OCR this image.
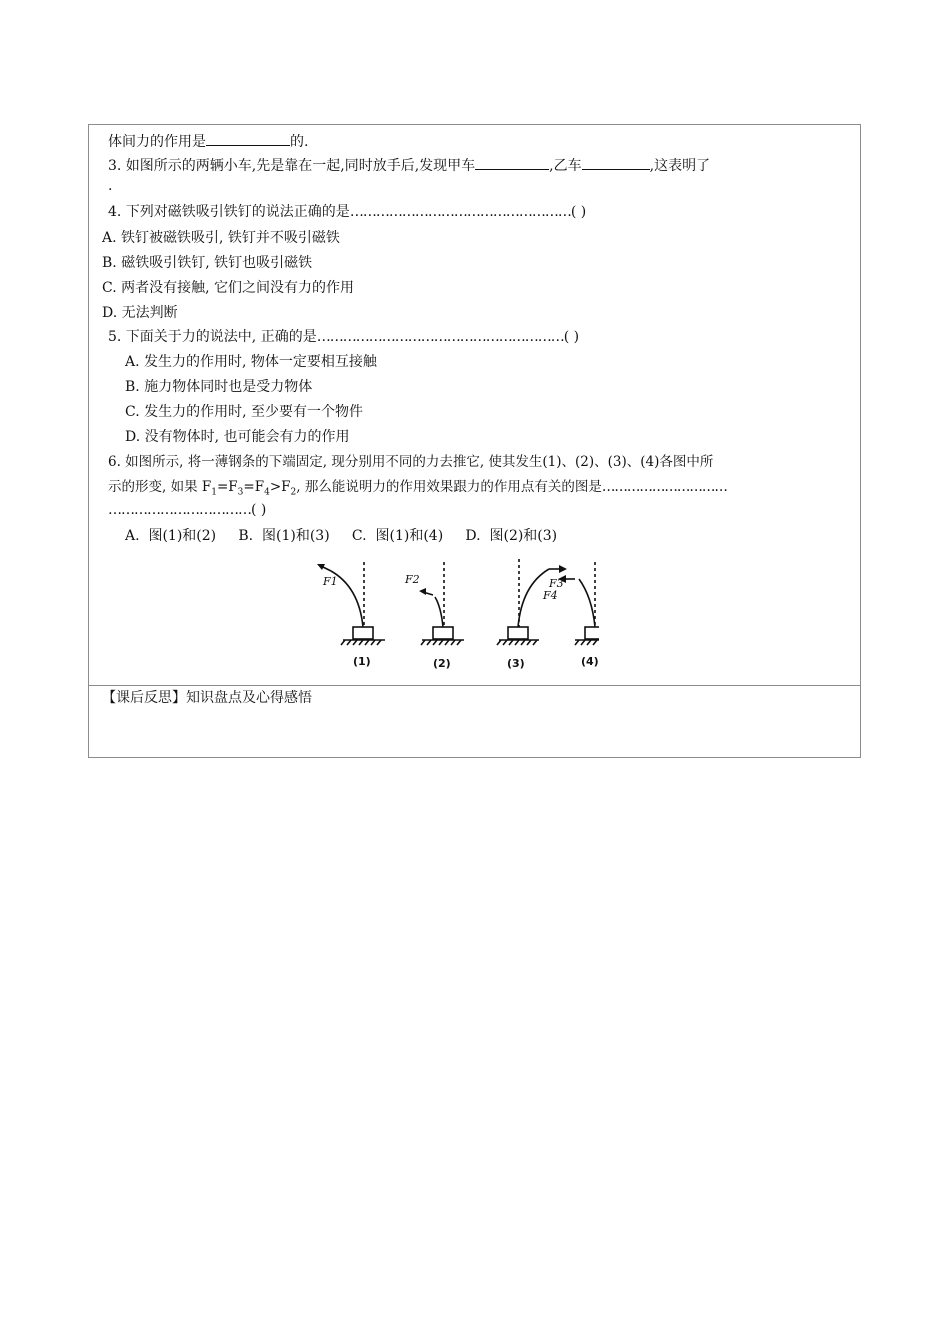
体间力的作用是	的.
3. 如图所示的两辆小车,先是靠在一起,同时放手后,发现甲车	,乙车	,这表明了
.
4. 下列对磁铁吸引铁钉的说法正确的是……………………………………………( )
A. 铁钉被磁铁吸引, 铁钉并不吸引磁铁
B. 磁铁吸引铁钉, 铁钉也吸引磁铁
C. 两者没有接触, 它们之间没有力的作用
D. 无法判断
5. 下面关于力的说法中, 正确的是…………………………………………………( )
A. 发生力的作用时, 物体一定要相互接触
B. 施力物体同时也是受力物体
C. 发生力的作用时, 至少要有一个物件
D. 没有物体时, 也可能会有力的作用
6. 如图所示, 将一薄钢条的下端固定, 现分别用不同的力去推它, 使其发生(1)、(2)、(3)、(4)各图中所
示的形变, 如果 $F_1=F_3=F_4>F_2$, 那么能说明力的作用效果跟力的作用点有关的图是…………………………
……………………………( )
A.  图(1)和(2)     B.  图(1)和(3)     C.  图(1)和(4)     D.  图(2)和(3)
F1	F2	F3
F4
(1)	(2)	(3)	(4)
【课后反思】知识盘点及心得感悟
